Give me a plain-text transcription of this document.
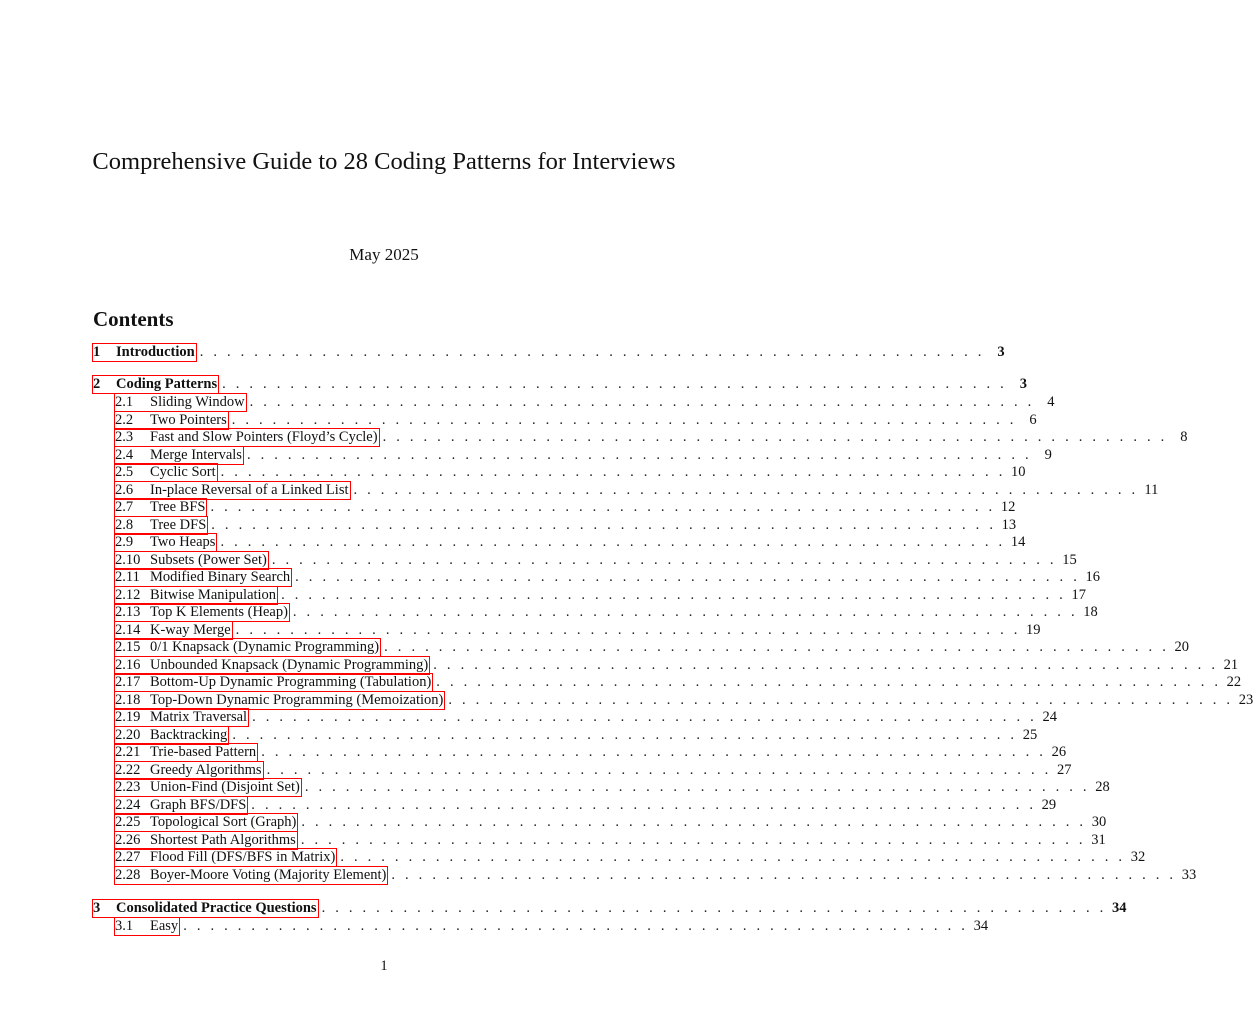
Comprehensive Guide to 28 Coding Patterns for Interviews
May 2025
Contents
1	Introduction . . . . . . . . . . . . . . . . . . . . . . . . . . . . . . . . . . . . . . . . . . . . . . . . . . . . . . . . . . 3
2	Coding Patterns . . . . . . . . . . . . . . . . . . . . . . . . . . . . . . . . . . . . . . . . . . . . . . . . . . . . . . . . . . 3
2.1	Sliding Window . . . . . . . . . . . . . . . . . . . . . . . . . . . . . . . . . . . . . . . . . . . . . . . . . . . . . . . . . . 4
2.2	Two Pointers . . . . . . . . . . . . . . . . . . . . . . . . . . . . . . . . . . . . . . . . . . . . . . . . . . . . . . . . . . 6
2.3	Fast and Slow Pointers (Floyd’s Cycle) . . . . . . . . . . . . . . . . . . . . . . . . . . . . . . . . . . . . . . . . . . . . . . . . . . . . . . . . . . 8
2.4	Merge Intervals . . . . . . . . . . . . . . . . . . . . . . . . . . . . . . . . . . . . . . . . . . . . . . . . . . . . . . . . . . 9
2.5	Cyclic Sort . . . . . . . . . . . . . . . . . . . . . . . . . . . . . . . . . . . . . . . . . . . . . . . . . . . . . . . . . . 10
2.6	In-place Reversal of a Linked List . . . . . . . . . . . . . . . . . . . . . . . . . . . . . . . . . . . . . . . . . . . . . . . . . . . . . . . . . . 11
2.7	Tree BFS . . . . . . . . . . . . . . . . . . . . . . . . . . . . . . . . . . . . . . . . . . . . . . . . . . . . . . . . . . 12
2.8	Tree DFS . . . . . . . . . . . . . . . . . . . . . . . . . . . . . . . . . . . . . . . . . . . . . . . . . . . . . . . . . . 13
2.9	Two Heaps . . . . . . . . . . . . . . . . . . . . . . . . . . . . . . . . . . . . . . . . . . . . . . . . . . . . . . . . . . 14
2.10 Subsets (Power Set) . . . . . . . . . . . . . . . . . . . . . . . . . . . . . . . . . . . . . . . . . . . . . . . . . . . . . . . . . . 15
2.11 Modified Binary Search . . . . . . . . . . . . . . . . . . . . . . . . . . . . . . . . . . . . . . . . . . . . . . . . . . . . . . . . . . 16
2.12 Bitwise Manipulation . . . . . . . . . . . . . . . . . . . . . . . . . . . . . . . . . . . . . . . . . . . . . . . . . . . . . . . . . . 17
2.13 Top K Elements (Heap) . . . . . . . . . . . . . . . . . . . . . . . . . . . . . . . . . . . . . . . . . . . . . . . . . . . . . . . . . . 18
2.14 K-way Merge . . . . . . . . . . . . . . . . . . . . . . . . . . . . . . . . . . . . . . . . . . . . . . . . . . . . . . . . . . 19
2.15 0/1 Knapsack (Dynamic Programming) . . . . . . . . . . . . . . . . . . . . . . . . . . . . . . . . . . . . . . . . . . . . . . . . . . . . . . . . . . 20
2.16 Unbounded Knapsack (Dynamic Programming) . . . . . . . . . . . . . . . . . . . . . . . . . . . . . . . . . . . . . . . . . . . . . . . . . . . . . . . . . . 21
2.17 Bottom-Up Dynamic Programming (Tabulation) . . . . . . . . . . . . . . . . . . . . . . . . . . . . . . . . . . . . . . . . . . . . . . . . . . . . . . . . . . 22
2.18 Top-Down Dynamic Programming (Memoization) . . . . . . . . . . . . . . . . . . . . . . . . . . . . . . . . . . . . . . . . . . . . . . . . . . . . . . . . . . 23
2.19 Matrix Traversal . . . . . . . . . . . . . . . . . . . . . . . . . . . . . . . . . . . . . . . . . . . . . . . . . . . . . . . . . . 24
2.20 Backtracking . . . . . . . . . . . . . . . . . . . . . . . . . . . . . . . . . . . . . . . . . . . . . . . . . . . . . . . . . . 25
2.21 Trie-based Pattern . . . . . . . . . . . . . . . . . . . . . . . . . . . . . . . . . . . . . . . . . . . . . . . . . . . . . . . . . . 26
2.22 Greedy Algorithms . . . . . . . . . . . . . . . . . . . . . . . . . . . . . . . . . . . . . . . . . . . . . . . . . . . . . . . . . . 27
2.23 Union-Find (Disjoint Set) . . . . . . . . . . . . . . . . . . . . . . . . . . . . . . . . . . . . . . . . . . . . . . . . . . . . . . . . . . 28
2.24 Graph BFS/DFS . . . . . . . . . . . . . . . . . . . . . . . . . . . . . . . . . . . . . . . . . . . . . . . . . . . . . . . . . . 29
2.25 Topological Sort (Graph) . . . . . . . . . . . . . . . . . . . . . . . . . . . . . . . . . . . . . . . . . . . . . . . . . . . . . . . . . . 30
2.26 Shortest Path Algorithms . . . . . . . . . . . . . . . . . . . . . . . . . . . . . . . . . . . . . . . . . . . . . . . . . . . . . . . . . . 31
2.27 Flood Fill (DFS/BFS in Matrix) . . . . . . . . . . . . . . . . . . . . . . . . . . . . . . . . . . . . . . . . . . . . . . . . . . . . . . . . . . 32
2.28 Boyer-Moore Voting (Majority Element) . . . . . . . . . . . . . . . . . . . . . . . . . . . . . . . . . . . . . . . . . . . . . . . . . . . . . . . . . . 33
3	Consolidated Practice Questions . . . . . . . . . . . . . . . . . . . . . . . . . . . . . . . . . . . . . . . . . . . . . . . . . . . . . . . . . . 34
3.1	Easy . . . . . . . . . . . . . . . . . . . . . . . . . . . . . . . . . . . . . . . . . . . . . . . . . . . . . . . . . . 34
1
